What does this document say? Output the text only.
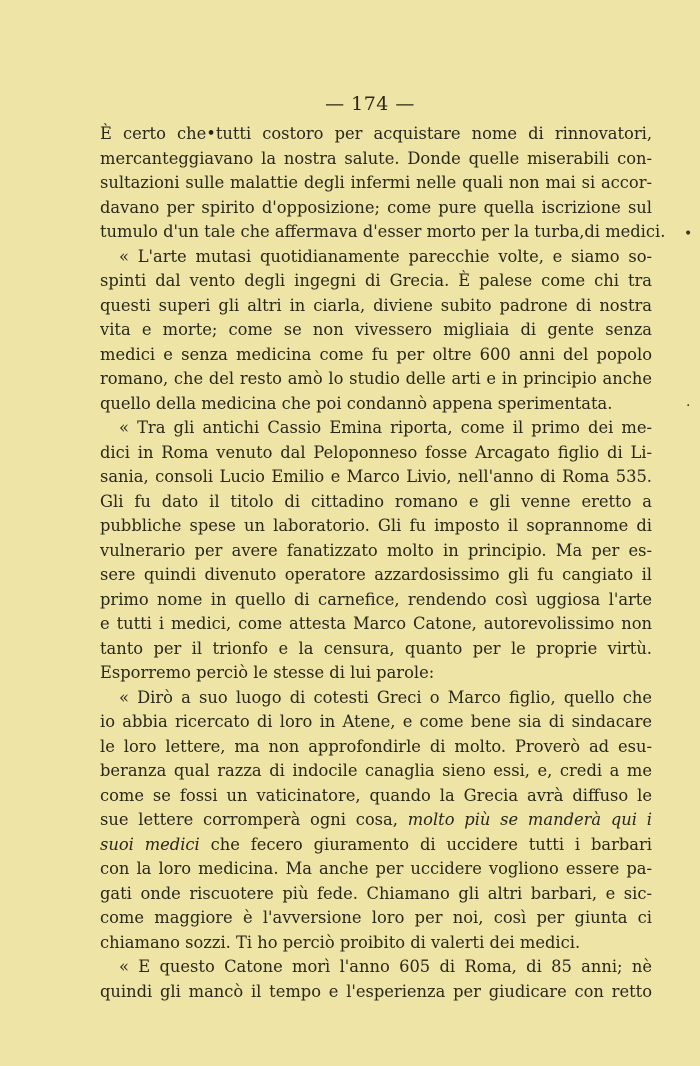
— 174 —
È certo che•tutti costoro per acquistare nome di rinnovatori,
mercanteggiavano la nostra salute. Donde quelle miserabili con-
sultazioni sulle malattie degli infermi nelle quali non mai si accor-
davano per spirito d'opposizione; come pure quella iscrizione sul
tumulo d'un tale che affermava d'esser morto per la turba,di medici.
« L'arte mutasi quotidianamente parecchie volte, e siamo so-
spinti dal vento degli ingegni di Grecia. È palese come chi tra
questi superi gli altri in ciarla, diviene subito padrone di nostra
vita e morte; come se non vivessero migliaia di gente senza
medici e senza medicina come fu per oltre 600 anni del popolo
romano, che del resto amò lo studio delle arti e in principio anche
quello della medicina che poi condannò appena sperimentata.
« Tra gli antichi Cassio Emina riporta, come il primo dei me-
dici in Roma venuto dal Peloponneso fosse Arcagato figlio di Li-
sania, consoli Lucio Emilio e Marco Livio, nell'anno di Roma 535.
Gli fu dato il titolo di cittadino romano e gli venne eretto a
pubbliche spese un laboratorio. Gli fu imposto il soprannome di
vulnerario per avere fanatizzato molto in principio. Ma per es-
sere quindi divenuto operatore azzardosissimo gli fu cangiato il
primo nome in quello di carnefice, rendendo così uggiosa l'arte
e tutti i medici, come attesta Marco Catone, autorevolissimo non
tanto per il trionfo e la censura, quanto per le proprie virtù.
Esporremo perciò le stesse di lui parole:
« Dirò a suo luogo di cotesti Greci o Marco figlio, quello che
io abbia ricercato di loro in Atene, e come bene sia di sindacare
le loro lettere, ma non approfondirle di molto. Proverò ad esu-
beranza qual razza di indocile canaglia sieno essi, e, credi a me
come se fossi un vaticinatore, quando la Grecia avrà diffuso le
sue lettere corromperà ogni cosa, molto più se manderà qui i
suoi medici che fecero giuramento di uccidere tutti i barbari
con la loro medicina. Ma anche per uccidere vogliono essere pa-
gati onde riscuotere più fede. Chiamano gli altri barbari, e sic-
come maggiore è l'avversione loro per noi, così per giunta ci
chiamano sozzi. Ti ho perciò proibito di valerti dei medici.
« E questo Catone morì l'anno 605 di Roma, di 85 anni; nè
quindi gli mancò il tempo e l'esperienza per giudicare con retto
•
·
